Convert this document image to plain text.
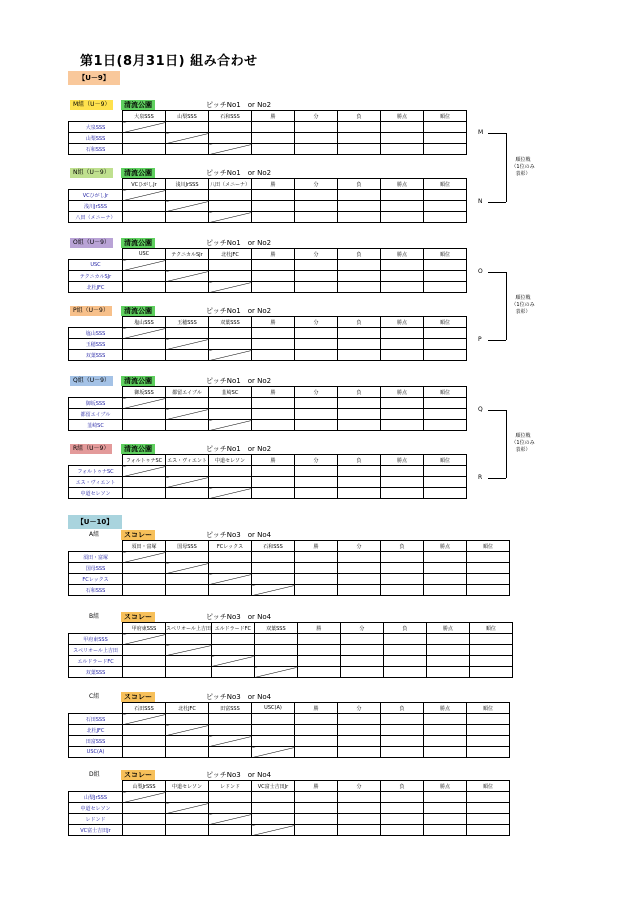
第1日(8月31日) 組み合わせ
【U－9】
【U－10】
M組（U－9）	清流公園	ピッチNo1　or No2
	大泉SSS	山梨SSS	石和SSS	勝	分	負	勝点	順位
大泉SSS								
山梨SSS								
石和SSS								
N組（U－9）	清流公園	ピッチNo1　or No2
	VCひがしJr	浅川JrSSS	八田（メニーナ）	勝	分	負	勝点	順位
VCひがしJr								
浅川JrSSS								
八田（メニーナ）								
O組（U－9）	清流公園	ピッチNo1　or No2
	USC	テクニカルSJr	北杜JFC	勝	分	負	勝点	順位
USC								
テクニカルSJr								
北杜JFC								
P組（U－9）	清流公園	ピッチNo1　or No2
	塩山SSS	玉穂SSS	双葉SSS	勝	分	負	勝点	順位
塩山SSS								
玉穂SSS								
双葉SSS								
Q組（U－9）	清流公園	ピッチNo1　or No2
	御坂SSS	都留エイブル	韮崎SC	勝	分	負	勝点	順位
御坂SSS								
都留エイブル								
韮崎SC								
R組（U－9）	清流公園	ピッチNo1　or No2
	フォルトゥナSC	エス・ヴィエント	中道セレソン	勝	分	負	勝点	順位
フォルトゥナSC								
エス・ヴィエント								
中道セレソン								
A組	スコレー	ピッチNo3　or No4
	須田・富塚	国母SSS	FCレックス	石和SSS	勝	分	負	勝点	順位
須田・富塚									
国母SSS									
FCレックス									
石和SSS									
B組	スコレー	ピッチNo3　or No4
	甲府東SSS	スペリオール上吉田	エルドラードFC	双葉SSS	勝	分	負	勝点	順位
甲府東SSS									
スペリオール上吉田									
エルドラードFC									
双葉SSS									
C組	スコレー	ピッチNo3　or No4
	石田SSS	北杜JFC	田富SSS	USC(A)	勝	分	負	勝点	順位
石田SSS									
北杜JFC									
田富SSS									
USC(A)									
D組	スコレー	ピッチNo3　or No4
	山梨JrSSS	中道セレソン	レドンド	VC富士吉田Jr	勝	分	負	勝点	順位
山梨JrSSS									
中道セレソン									
レドンド									
VC富士吉田Jr									
M
N
順位戦
（1位のみ
表彰）
O
P
順位戦
（1位のみ
表彰）
Q
R
順位戦
（1位のみ
表彰）
